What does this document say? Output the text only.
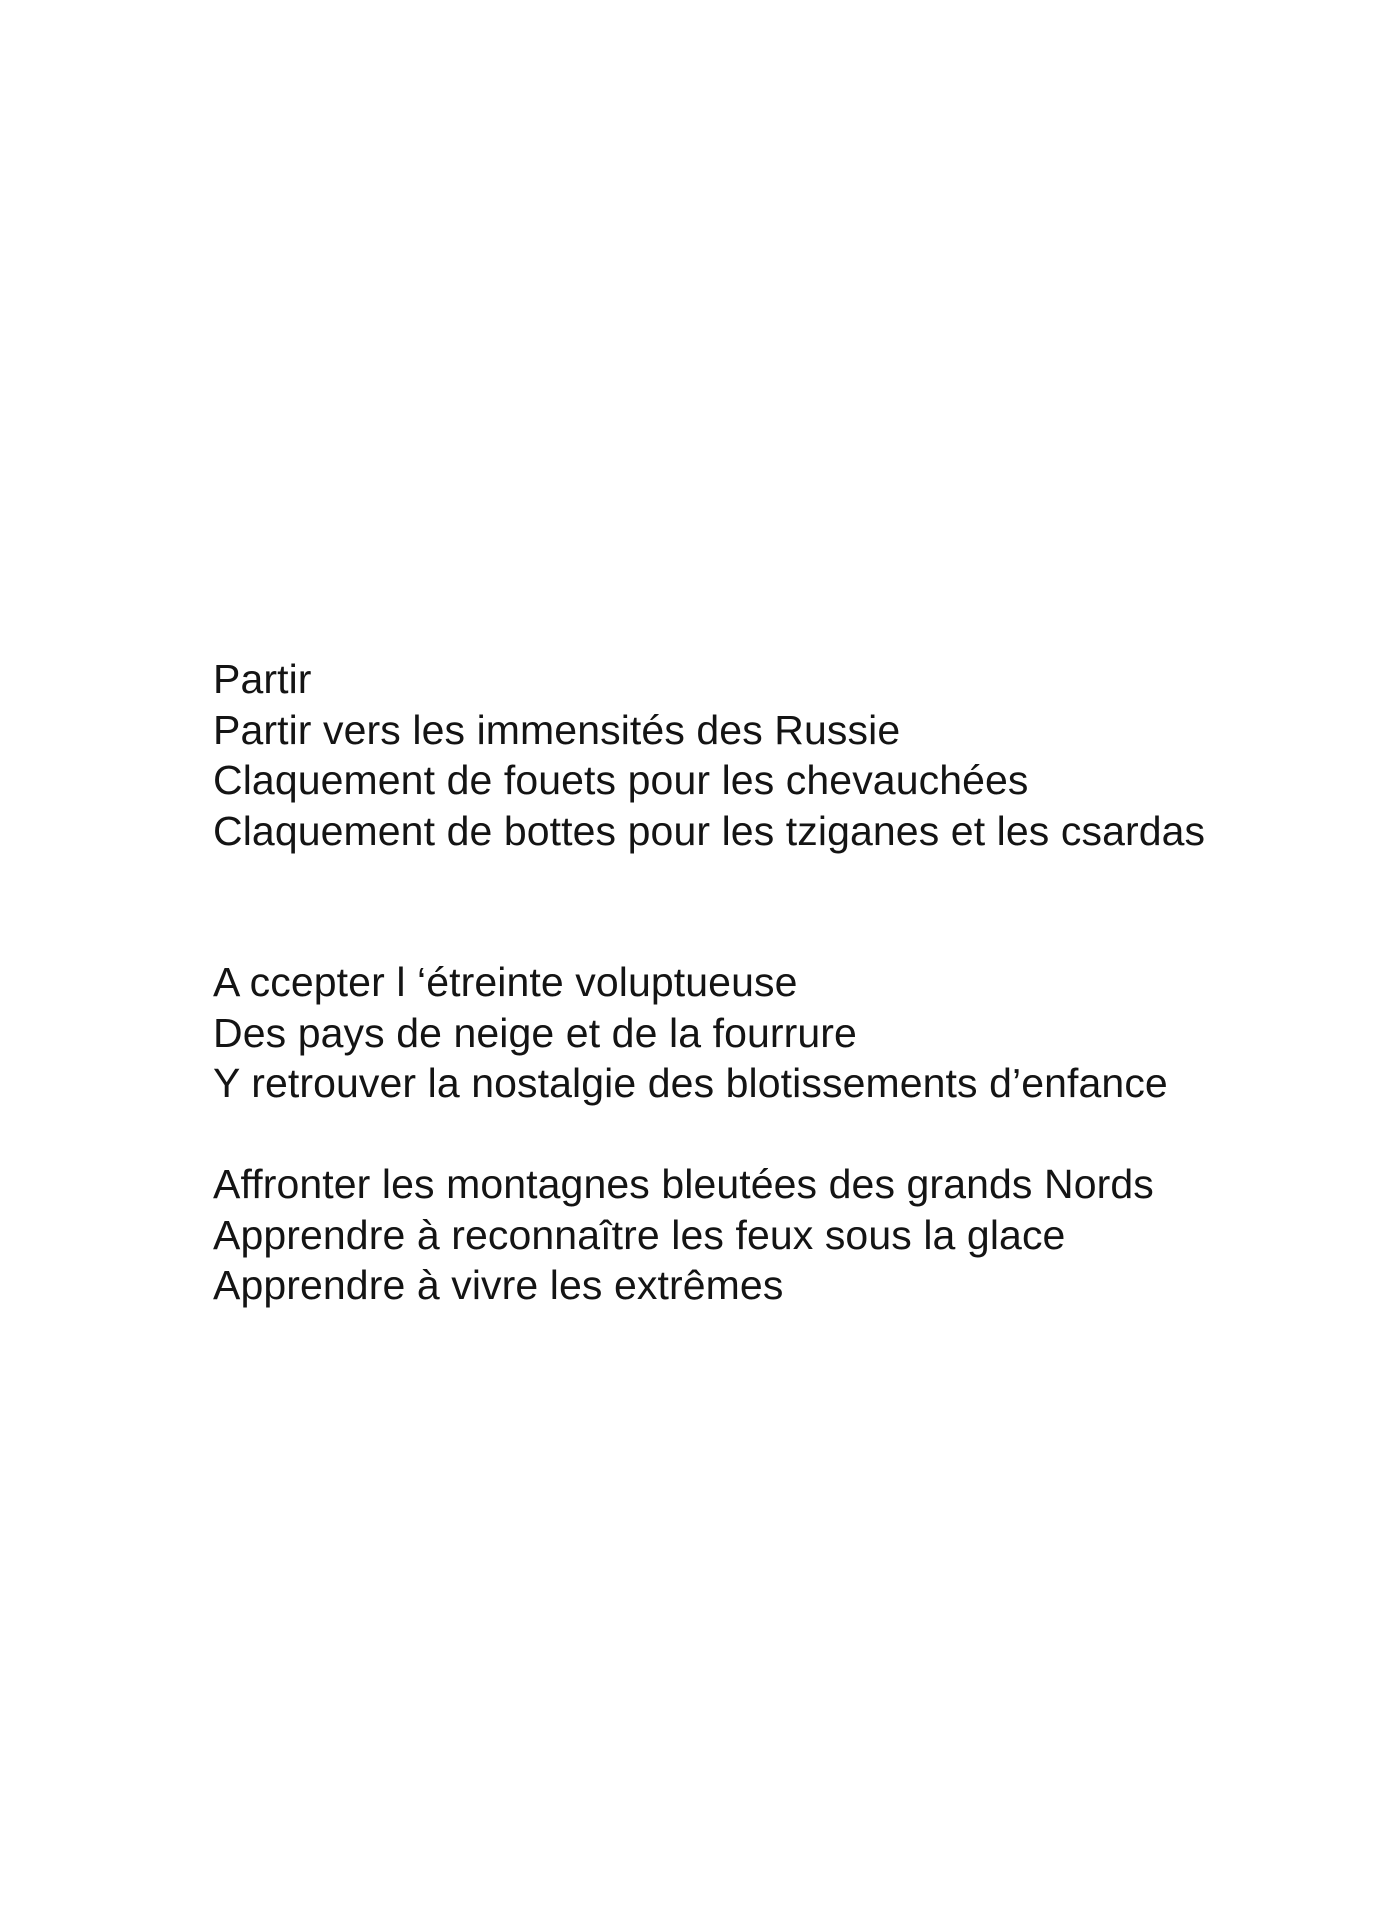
Partir
Partir vers les immensités des Russie
Claquement de fouets pour les chevauchées
Claquement de bottes pour les tziganes et les csardas
A ccepter l ‘étreinte voluptueuse
Des pays de neige et de la fourrure
Y retrouver la nostalgie des blotissements d’enfance
Affronter les montagnes bleutées des grands Nords
Apprendre à reconnaître les feux sous la glace
Apprendre à vivre les extrêmes
